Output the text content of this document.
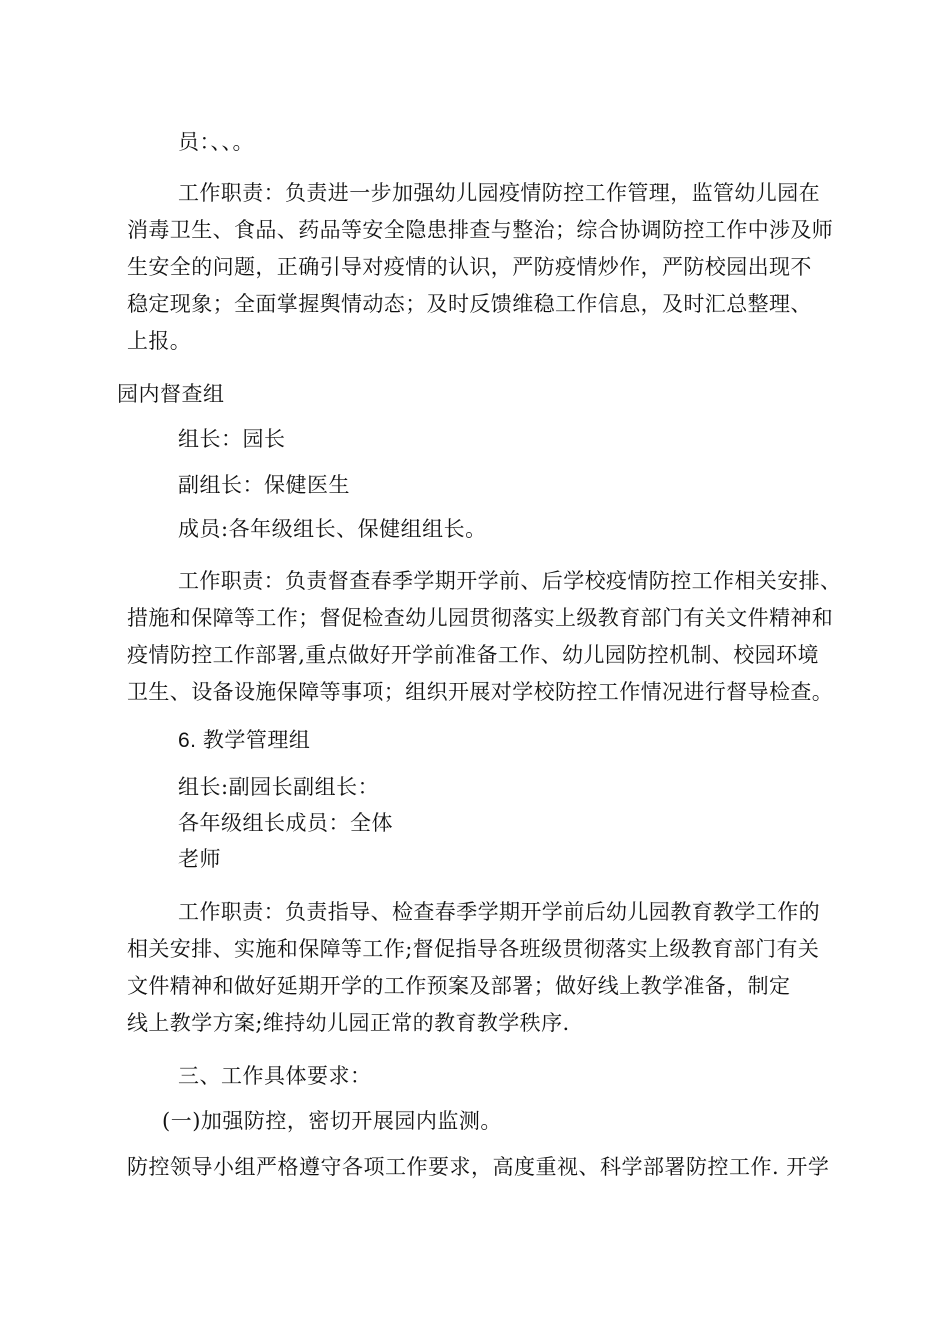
员：、、。
工作职责：负责进一步加强幼儿园疫情防控工作管理，监管幼儿园在
消毒卫生、食品、药品等安全隐患排查与整治；综合协调防控工作中涉及师
生安全的问题，正确引导对疫情的认识，严防疫情炒作，严防校园出现不
稳定现象；全面掌握舆情动态；及时反馈维稳工作信息，及时汇总整理、
上报。
园内督查组
组长：园长
副组长：保健医生
成员:各年级组长、保健组组长。
工作职责：负责督查春季学期开学前、后学校疫情防控工作相关安排、
措施和保障等工作；督促检查幼儿园贯彻落实上级教育部门有关文件精神和
疫情防控工作部署,重点做好开学前准备工作、幼儿园防控机制、校园环境
卫生、设备设施保障等事项；组织开展对学校防控工作情况进行督导检查。
6. 教学管理组
组长:副园长副组长：
各年级组长成员：全体
老师
工作职责：负责指导、检查春季学期开学前后幼儿园教育教学工作的
相关安排、实施和保障等工作;督促指导各班级贯彻落实上级教育部门有关
文件精神和做好延期开学的工作预案及部署；做好线上教学准备，制定
线上教学方案;维持幼儿园正常的教育教学秩序.
三、工作具体要求：
(一)加强防控，密切开展园内监测。
防控领导小组严格遵守各项工作要求，高度重视、科学部署防控工作. 开学
